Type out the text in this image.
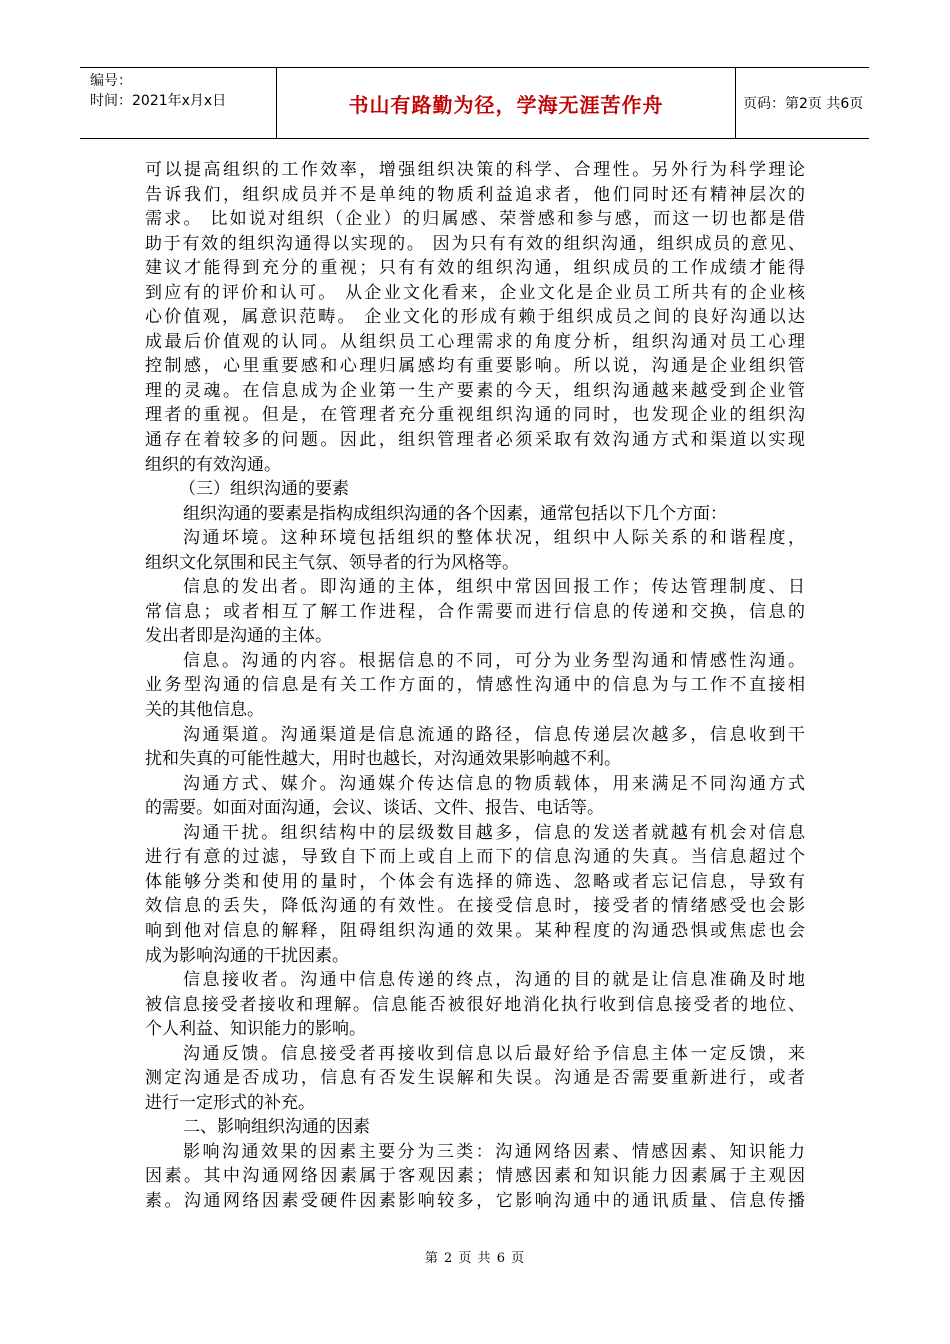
编号：
时间：2021年x月x日	书山有路勤为径，学海无涯苦作舟	页码：第2页 共6页
可以提高组织的工作效率，增强组织决策的科学、合理性。另外行为科学理论
告诉我们，组织成员并不是单纯的物质利益追求者，他们同时还有精神层次的
需求。 比如说对组织（企业）的归属感、荣誉感和参与感，而这一切也都是借
助于有效的组织沟通得以实现的。 因为只有有效的组织沟通，组织成员的意见、
建议才能得到充分的重视；只有有效的组织沟通，组织成员的工作成绩才能得
到应有的评价和认可。 从企业文化看来，企业文化是企业员工所共有的企业核
心价值观，属意识范畴。 企业文化的形成有赖于组织成员之间的良好沟通以达
成最后价值观的认同。从组织员工心理需求的角度分析，组织沟通对员工心理
控制感，心里重要感和心理归属感均有重要影响。所以说，沟通是企业组织管
理的灵魂。在信息成为企业第一生产要素的今天，组织沟通越来越受到企业管
理者的重视。但是，在管理者充分重视组织沟通的同时，也发现企业的组织沟
通存在着较多的问题。因此，组织管理者必须采取有效沟通方式和渠道以实现
组织的有效沟通。
（三）组织沟通的要素
组织沟通的要素是指构成组织沟通的各个因素，通常包括以下几个方面：
沟通坏境。这种环境包括组织的整体状况，组织中人际关系的和谐程度，
组织文化氛围和民主气氛、领导者的行为风格等。
信息的发出者。即沟通的主体，组织中常因回报工作；传达管理制度、日
常信息；或者相互了解工作进程，合作需要而进行信息的传递和交换，信息的
发出者即是沟通的主体。
信息。沟通的内容。根据信息的不同，可分为业务型沟通和情感性沟通。
业务型沟通的信息是有关工作方面的，情感性沟通中的信息为与工作不直接相
关的其他信息。
沟通渠道。沟通渠道是信息流通的路径，信息传递层次越多，信息收到干
扰和失真的可能性越大，用时也越长，对沟通效果影响越不利。
沟通方式、媒介。沟通媒介传达信息的物质载体，用来满足不同沟通方式
的需要。如面对面沟通，会议、谈话、文件、报告、电话等。
沟通干扰。组织结构中的层级数目越多，信息的发送者就越有机会对信息
进行有意的过滤，导致自下而上或自上而下的信息沟通的失真。当信息超过个
体能够分类和使用的量时，个体会有选择的筛选、忽略或者忘记信息，导致有
效信息的丢失，降低沟通的有效性。在接受信息时，接受者的情绪感受也会影
响到他对信息的解释，阻碍组织沟通的效果。某种程度的沟通恐惧或焦虑也会
成为影响沟通的干扰因素。
信息接收者。沟通中信息传递的终点，沟通的目的就是让信息准确及时地
被信息接受者接收和理解。信息能否被很好地消化执行收到信息接受者的地位、
个人利益、知识能力的影响。
沟通反馈。信息接受者再接收到信息以后最好给予信息主体一定反馈，来
测定沟通是否成功，信息有否发生误解和失误。沟通是否需要重新进行，或者
进行一定形式的补充。
二、影响组织沟通的因素
影响沟通效果的因素主要分为三类：沟通网络因素、情感因素、知识能力
因素。其中沟通网络因素属于客观因素；情感因素和知识能力因素属于主观因
素。沟通网络因素受硬件因素影响较多，它影响沟通中的通讯质量、信息传播
第 2 页 共 6 页
